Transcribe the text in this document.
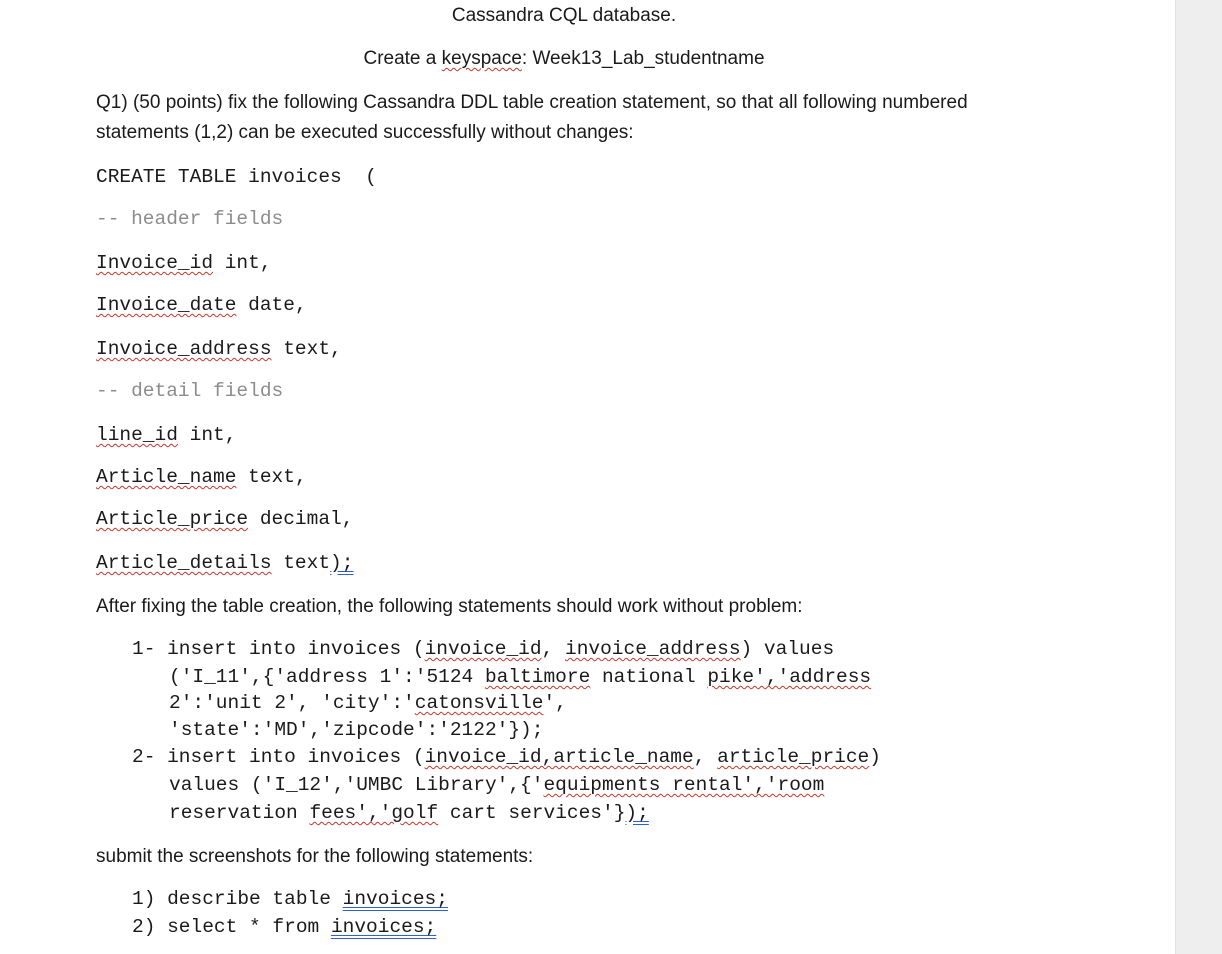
Cassandra CQL database.
Create a keyspace: Week13_Lab_studentname
Q1) (50 points) fix the following Cassandra DDL table creation statement, so that all following numbered
statements (1,2) can be executed successfully without changes:
CREATE TABLE invoices  (
-- header fields
Invoice_id int,
Invoice_date date,
Invoice_address text,
-- detail fields
line_id int,
Article_name text,
Article_price decimal,
Article_details text);
After fixing the table creation, the following statements should work without problem:
1- insert into invoices (invoice_id, invoice_address) values
('I_11',{'address 1':'5124 baltimore national pike','address
2':'unit 2', 'city':'catonsville',
'state':'MD','zipcode':'2122'});
2- insert into invoices (invoice_id,article_name, article_price)
values ('I_12','UMBC Library',{'equipments rental','room
reservation fees','golf cart services'});
submit the screenshots for the following statements:
1) describe table invoices;
2) select * from invoices;
